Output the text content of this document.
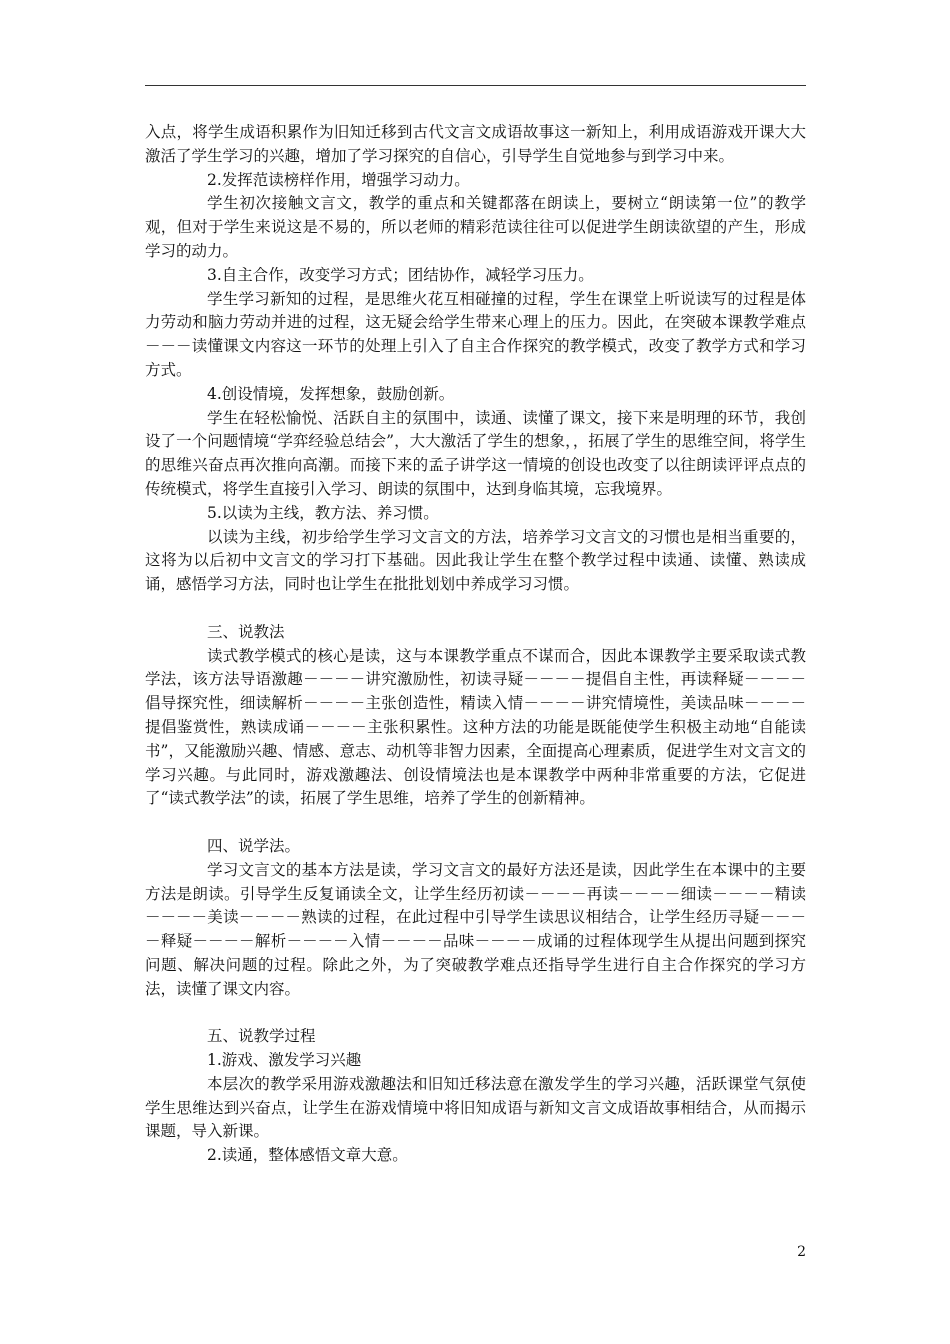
入点，将学生成语积累作为旧知迁移到古代文言文成语故事这一新知上，利用成语游戏开课大大激活了学生学习的兴趣，增加了学习探究的自信心，引导学生自觉地参与到学习中来。

2.发挥范读榜样作用，增强学习动力。

学生初次接触文言文，教学的重点和关键都落在朗读上，要树立“朗读第一位”的教学观，但对于学生来说这是不易的，所以老师的精彩范读往往可以促进学生朗读欲望的产生，形成学习的动力。

3.自主合作，改变学习方式；团结协作，减轻学习压力。

学生学习新知的过程，是思维火花互相碰撞的过程，学生在课堂上听说读写的过程是体力劳动和脑力劳动并进的过程，这无疑会给学生带来心理上的压力。因此，在突破本课教学难点－－－读懂课文内容这一环节的处理上引入了自主合作探究的教学模式，改变了教学方式和学习方式。

4.创设情境，发挥想象，鼓励创新。

学生在轻松愉悦、活跃自主的氛围中，读通、读懂了课文，接下来是明理的环节，我创设了一个问题情境“学弈经验总结会”，大大激活了学生的想象，，拓展了学生的思维空间，将学生的思维兴奋点再次推向高潮。而接下来的孟子讲学这一情境的创设也改变了以往朗读评评点点的传统模式，将学生直接引入学习、朗读的氛围中，达到身临其境，忘我境界。

5.以读为主线，教方法、养习惯。

以读为主线，初步给学生学习文言文的方法，培养学习文言文的习惯也是相当重要的，这将为以后初中文言文的学习打下基础。因此我让学生在整个教学过程中读通、读懂、熟读成诵，感悟学习方法，同时也让学生在批批划划中养成学习习惯。

三、说教法

读式教学模式的核心是读，这与本课教学重点不谋而合，因此本课教学主要采取读式教学法，该方法导语激趣－－－－讲究激励性，初读寻疑－－－－提倡自主性，再读释疑－－－－倡导探究性，细读解析－－－－主张创造性，精读入情－－－－讲究情境性，美读品味－－－－提倡鉴赏性，熟读成诵－－－－主张积累性。这种方法的功能是既能使学生积极主动地“自能读书”，又能激励兴趣、情感、意志、动机等非智力因素，全面提高心理素质，促进学生对文言文的学习兴趣。与此同时，游戏激趣法、创设情境法也是本课教学中两种非常重要的方法，它促进了“读式教学法”的读，拓展了学生思维，培养了学生的创新精神。

四、说学法。

学习文言文的基本方法是读，学习文言文的最好方法还是读，因此学生在本课中的主要方法是朗读。引导学生反复诵读全文，让学生经历初读－－－－再读－－－－细读－－－－精读－－－－美读－－－－熟读的过程，在此过程中引导学生读思议相结合，让学生经历寻疑－－－－释疑－－－－解析－－－－入情－－－－品味－－－－成诵的过程体现学生从提出问题到探究问题、解决问题的过程。除此之外，为了突破教学难点还指导学生进行自主合作探究的学习方法，读懂了课文内容。

五、说教学过程

1.游戏、激发学习兴趣

本层次的教学采用游戏激趣法和旧知迁移法意在激发学生的学习兴趣，活跃课堂气氛使学生思维达到兴奋点，让学生在游戏情境中将旧知成语与新知文言文成语故事相结合，从而揭示课题，导入新课。

2.读通，整体感悟文章大意。

2
